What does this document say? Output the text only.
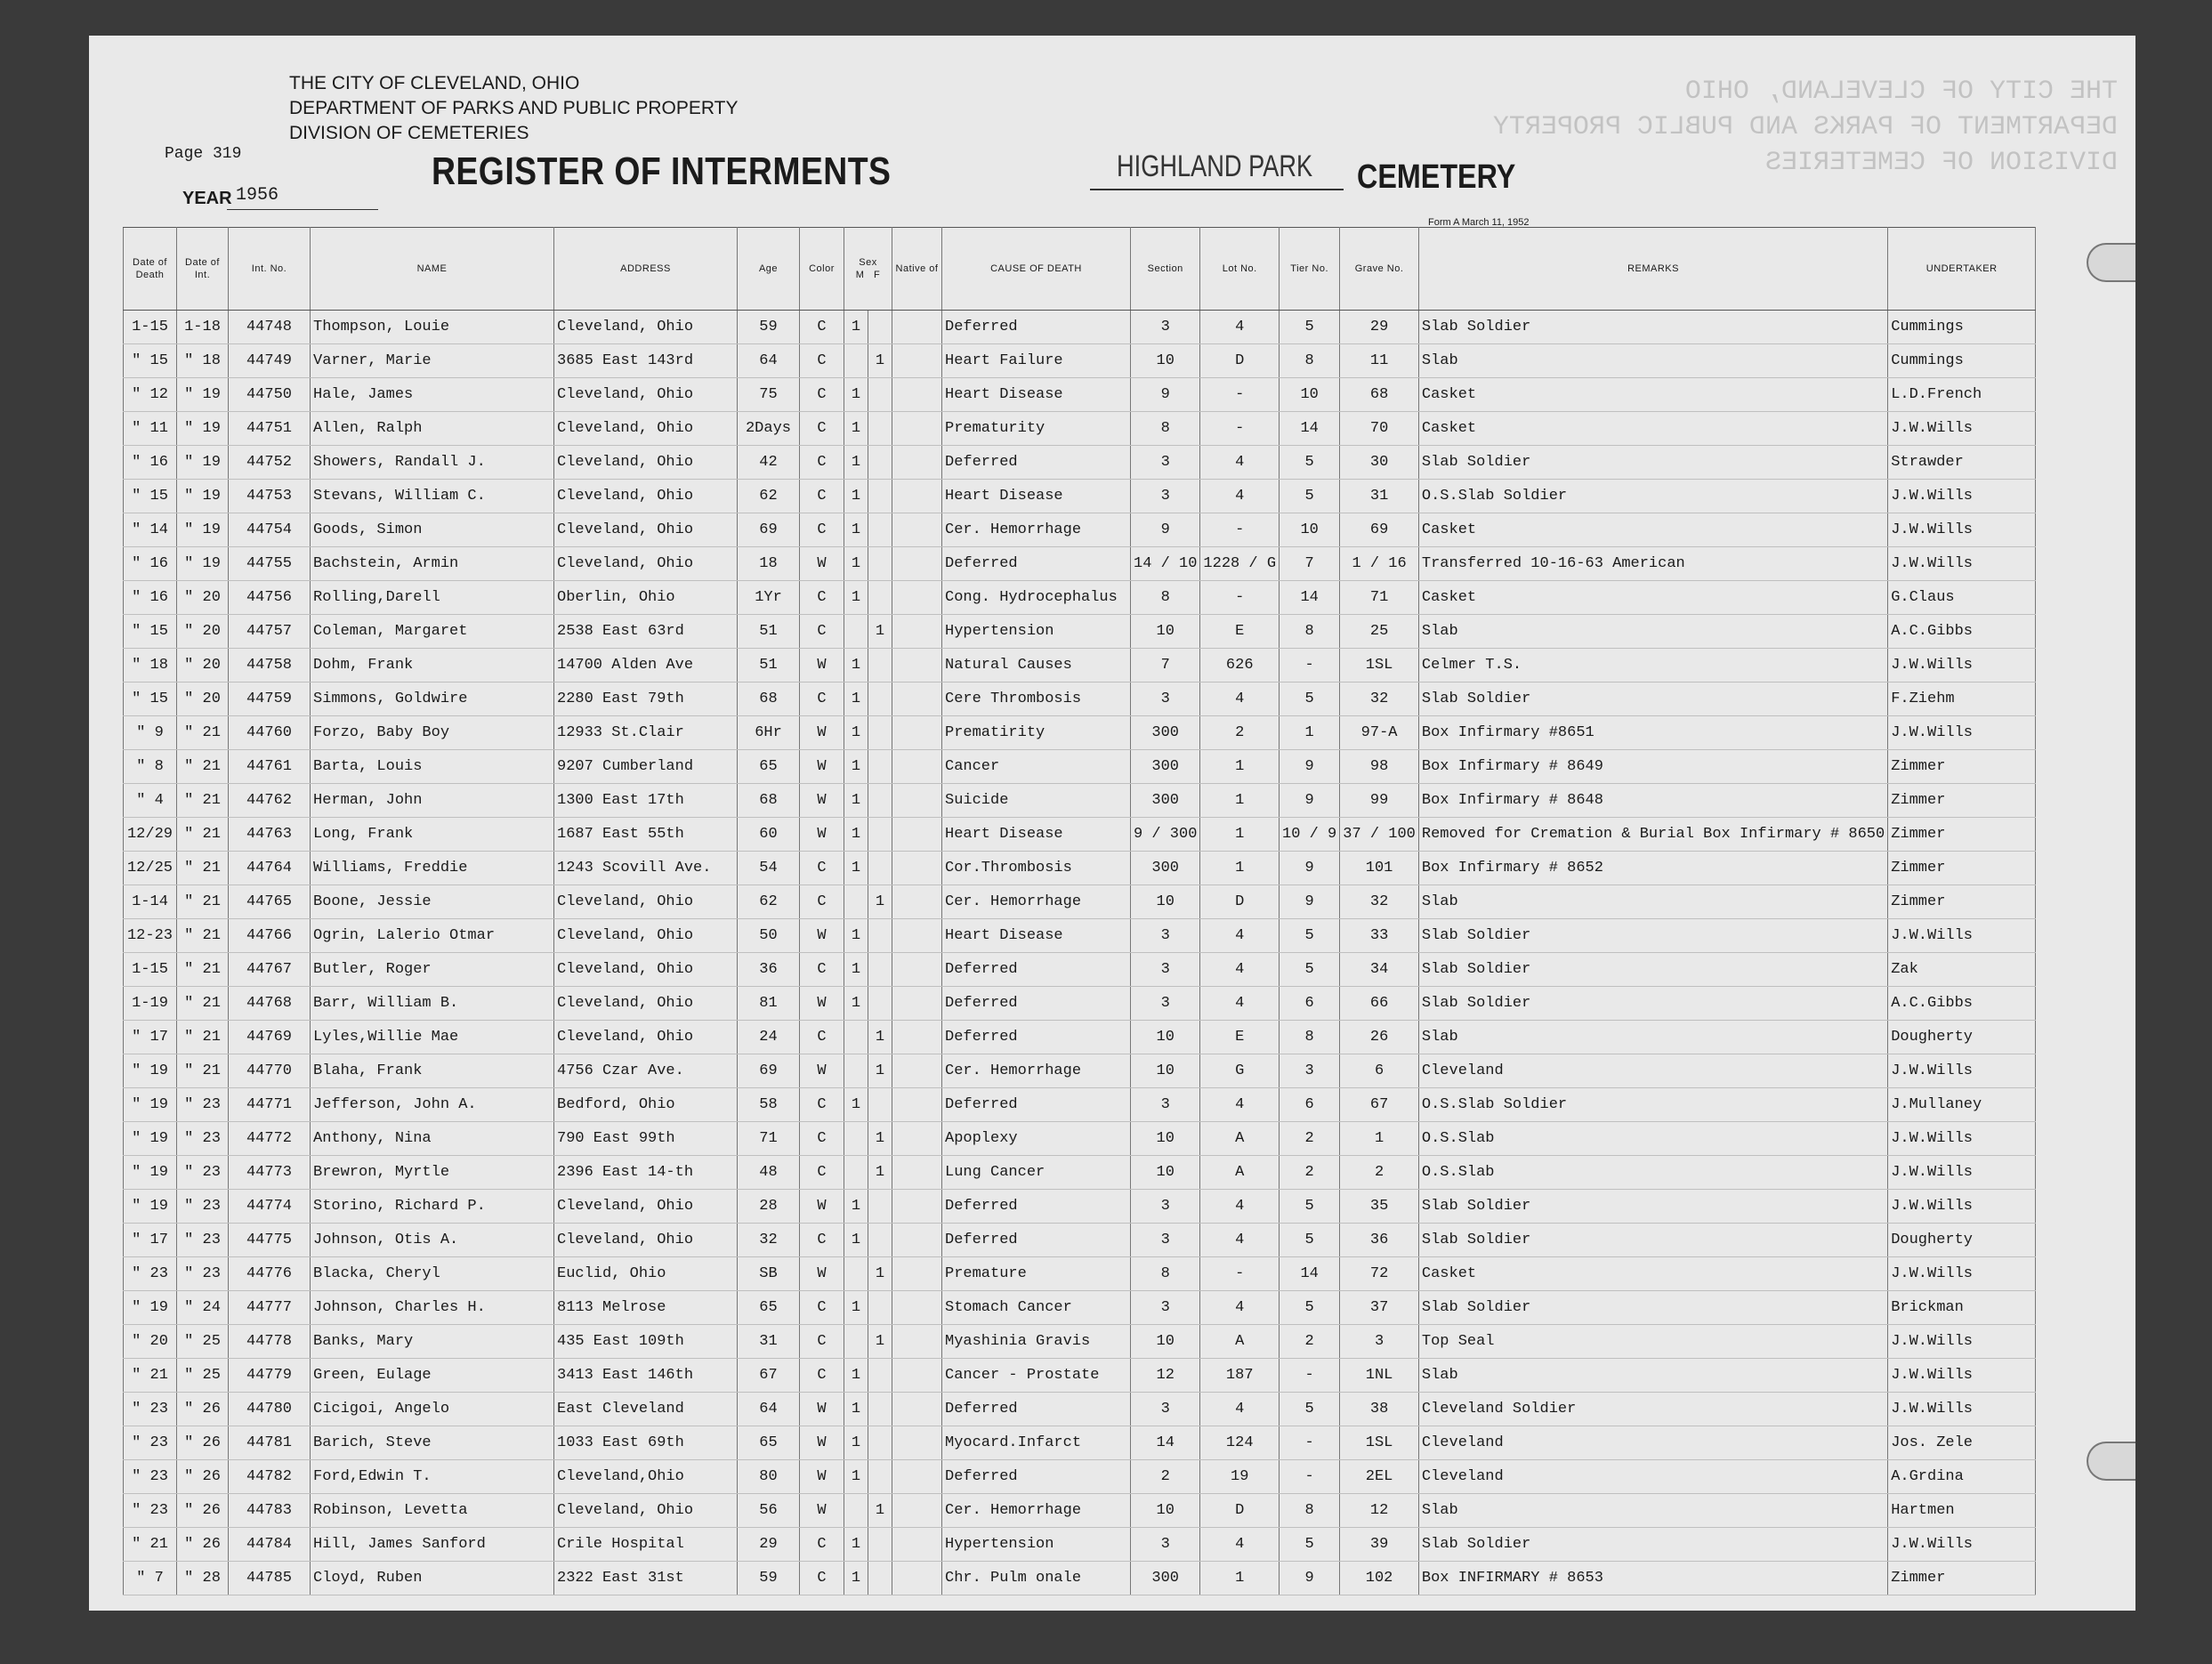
THE CITY OF CLEVELAND, OHIO
DEPARTMENT OF PARKS AND PUBLIC PROPERTY
DIVISION OF CEMETERIES
THE CITY OF CLEVELAND, OHIO
DEPARTMENT OF PARKS AND PUBLIC PROPERTY
DIVISION OF CEMETERIES
Page 319	REGISTER OF INTERMENTS
YEAR 1956
HIGHLAND PARK CEMETERY
Form A March 11, 1952
Date of Death	Date of Int.	Int. No.	NAME	ADDRESS	Age	Color	Sex
M F		Native of	CAUSE OF DEATH	Section	Lot No.	Tier No.	Grave No.	REMARKS	UNDERTAKER
1-15	1-18	44748	Thompson, Louie	Cleveland, Ohio	59	C	1			Deferred	3	4	5	29	Slab Soldier	Cummings
" 15	" 18	44749	Varner, Marie	3685 East 143rd	64	C		1		Heart Failure	10	D	8	11	Slab	Cummings
" 12	" 19	44750	Hale, James	Cleveland, Ohio	75	C	1			Heart Disease	9	-	10	68	Casket	L.D.French
" 11	" 19	44751	Allen, Ralph	Cleveland, Ohio	2Days	C	1			Prematurity	8	-	14	70	Casket	J.W.Wills
" 16	" 19	44752	Showers, Randall J.	Cleveland, Ohio	42	C	1			Deferred	3	4	5	30	Slab Soldier	Strawder
" 15	" 19	44753	Stevans, William C.	Cleveland, Ohio	62	C	1			Heart Disease	3	4	5	31	O.S.Slab Soldier	J.W.Wills
" 14	" 19	44754	Goods, Simon	Cleveland, Ohio	69	C	1			Cer. Hemorrhage	9	-	10	69	Casket	J.W.Wills
" 16	" 19	44755	Bachstein, Armin	Cleveland, Ohio	18	W	1			Deferred	14 / 10	1228 / G	7	1 / 16	Transferred 10-16-63 American	J.W.Wills
" 16	" 20	44756	Rolling,Darell	Oberlin, Ohio	1Yr	C	1			Cong. Hydrocephalus	8	-	14	71	Casket	G.Claus
" 15	" 20	44757	Coleman, Margaret	2538 East 63rd	51	C		1		Hypertension	10	E	8	25	Slab	A.C.Gibbs
" 18	" 20	44758	Dohm, Frank	14700 Alden Ave	51	W	1			Natural Causes	7	626	-	1SL	Celmer T.S.	J.W.Wills
" 15	" 20	44759	Simmons, Goldwire	2280 East 79th	68	C	1			Cere Thrombosis	3	4	5	32	Slab Soldier	F.Ziehm
" 9	" 21	44760	Forzo, Baby Boy	12933 St.Clair	6Hr	W	1			Prematirity	300	2	1	97-A	Box Infirmary #8651	J.W.Wills
" 8	" 21	44761	Barta, Louis	9207 Cumberland	65	W	1			Cancer	300	1	9	98	Box Infirmary # 8649	Zimmer
" 4	" 21	44762	Herman, John	1300 East 17th	68	W	1			Suicide	300	1	9	99	Box Infirmary # 8648	Zimmer
12/29	" 21	44763	Long, Frank	1687 East 55th	60	W	1			Heart Disease	9 / 300	1	10 / 9	37 / 100	Removed for Cremation & Burial Box Infirmary # 8650	Zimmer
12/25	" 21	44764	Williams, Freddie	1243 Scovill Ave.	54	C	1			Cor.Thrombosis	300	1	9	101	Box Infirmary # 8652	Zimmer
1-14	" 21	44765	Boone, Jessie	Cleveland, Ohio	62	C		1		Cer. Hemorrhage	10	D	9	32	Slab	Zimmer
12-23	" 21	44766	Ogrin, Lalerio Otmar	Cleveland, Ohio	50	W	1			Heart Disease	3	4	5	33	Slab Soldier	J.W.Wills
1-15	" 21	44767	Butler, Roger	Cleveland, Ohio	36	C	1			Deferred	3	4	5	34	Slab Soldier	Zak
1-19	" 21	44768	Barr, William B.	Cleveland, Ohio	81	W	1			Deferred	3	4	6	66	Slab Soldier	A.C.Gibbs
" 17	" 21	44769	Lyles,Willie Mae	Cleveland, Ohio	24	C		1		Deferred	10	E	8	26	Slab	Dougherty
" 19	" 21	44770	Blaha, Frank	4756 Czar Ave.	69	W		1		Cer. Hemorrhage	10	G	3	6	Cleveland	J.W.Wills
" 19	" 23	44771	Jefferson, John A.	Bedford, Ohio	58	C	1			Deferred	3	4	6	67	O.S.Slab Soldier	J.Mullaney
" 19	" 23	44772	Anthony, Nina	790 East 99th	71	C		1		Apoplexy	10	A	2	1	O.S.Slab	J.W.Wills
" 19	" 23	44773	Brewron, Myrtle	2396 East 14-th	48	C		1		Lung Cancer	10	A	2	2	O.S.Slab	J.W.Wills
" 19	" 23	44774	Storino, Richard P.	Cleveland, Ohio	28	W	1			Deferred	3	4	5	35	Slab Soldier	J.W.Wills
" 17	" 23	44775	Johnson, Otis A.	Cleveland, Ohio	32	C	1			Deferred	3	4	5	36	Slab Soldier	Dougherty
" 23	" 23	44776	Blacka, Cheryl	Euclid, Ohio	SB	W		1		Premature	8	-	14	72	Casket	J.W.Wills
" 19	" 24	44777	Johnson, Charles H.	8113 Melrose	65	C	1			Stomach Cancer	3	4	5	37	Slab Soldier	Brickman
" 20	" 25	44778	Banks, Mary	435 East 109th	31	C		1		Myashinia Gravis	10	A	2	3	Top Seal	J.W.Wills
" 21	" 25	44779	Green, Eulage	3413 East 146th	67	C	1			Cancer - Prostate	12	187	-	1NL	Slab	J.W.Wills
" 23	" 26	44780	Cicigoi, Angelo	East Cleveland	64	W	1			Deferred	3	4	5	38	Cleveland Soldier	J.W.Wills
" 23	" 26	44781	Barich, Steve	1033 East 69th	65	W	1			Myocard.Infarct	14	124	-	1SL	Cleveland	Jos. Zele
" 23	" 26	44782	Ford,Edwin T.	Cleveland,Ohio	80	W	1			Deferred	2	19	-	2EL	Cleveland	A.Grdina
" 23	" 26	44783	Robinson, Levetta	Cleveland, Ohio	56	W		1		Cer. Hemorrhage	10	D	8	12	Slab	Hartmen
" 21	" 26	44784	Hill, James Sanford	Crile Hospital	29	C	1			Hypertension	3	4	5	39	Slab Soldier	J.W.Wills
" 7	" 28	44785	Cloyd, Ruben	2322 East 31st	59	C	1			Chr. Pulm onale	300	1	9	102	Box INFIRMARY # 8653	Zimmer
